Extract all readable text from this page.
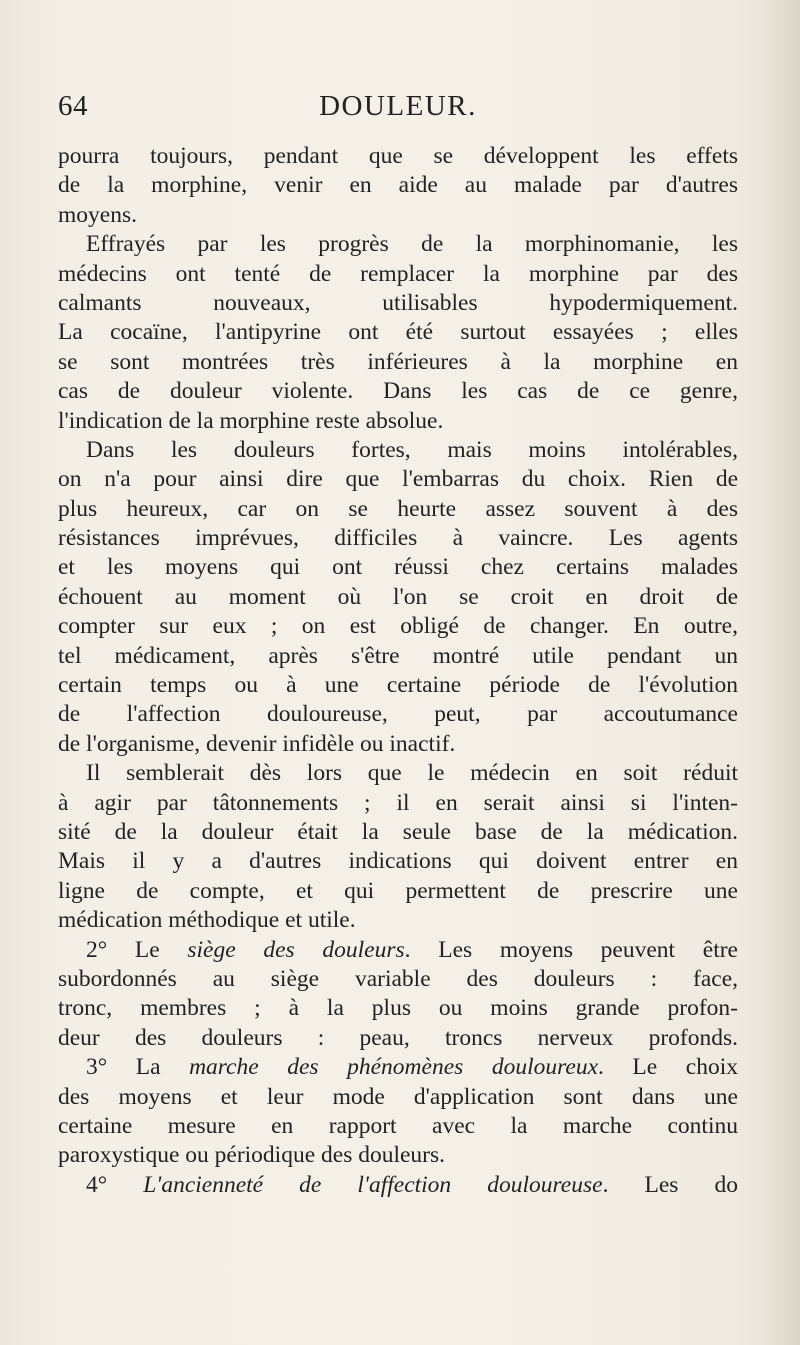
64	DOULEUR.
pourra toujours, pendant que se développent les effets
de la morphine, venir en aide au malade par d'autres
moyens.
Effrayés par les progrès de la morphinomanie, les
médecins ont tenté de remplacer la morphine par des
calmants nouveaux, utilisables hypodermiquement.
La cocaïne, l'antipyrine ont été surtout essayées ; elles
se sont montrées très inférieures à la morphine en
cas de douleur violente. Dans les cas de ce genre,
l'indication de la morphine reste absolue.
Dans les douleurs fortes, mais moins intolérables,
on n'a pour ainsi dire que l'embarras du choix. Rien de
plus heureux, car on se heurte assez souvent à des
résistances imprévues, difficiles à vaincre. Les agents
et les moyens qui ont réussi chez certains malades
échouent au moment où l'on se croit en droit de
compter sur eux ; on est obligé de changer. En outre,
tel médicament, après s'être montré utile pendant un
certain temps ou à une certaine période de l'évolution
de l'affection douloureuse, peut, par accoutumance
de l'organisme, devenir infidèle ou inactif.
Il semblerait dès lors que le médecin en soit réduit
à agir par tâtonnements ; il en serait ainsi si l'inten-
sité de la douleur était la seule base de la médication.
Mais il y a d'autres indications qui doivent entrer en
ligne de compte, et qui permettent de prescrire une
médication méthodique et utile.
2° Le siège des douleurs. Les moyens peuvent être
subordonnés au siège variable des douleurs : face,
tronc, membres ; à la plus ou moins grande profon-
deur des douleurs : peau, troncs nerveux profonds.
3° La marche des phénomènes douloureux. Le choix
des moyens et leur mode d'application sont dans une
certaine mesure en rapport avec la marche continu
paroxystique ou périodique des douleurs.
4° L'ancienneté de l'affection douloureuse. Les do
